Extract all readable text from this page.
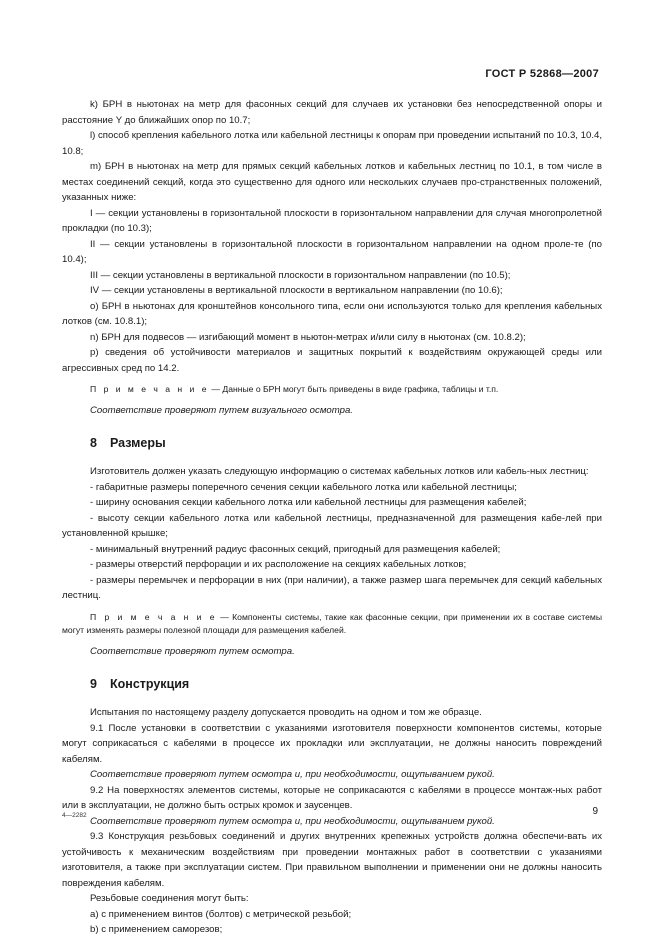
ГОСТ Р 52868—2007

k) БРН в ньютонах на метр для фасонных секций для случаев их установки без непосредственной опоры и расстояние Y до ближайших опор по 10.7;

l) способ крепления кабельного лотка или кабельной лестницы к опорам при проведении испытаний по 10.3, 10.4, 10.8;

m) БРН в ньютонах на метр для прямых секций кабельных лотков и кабельных лестниц по 10.1, в том числе в местах соединений секций, когда это существенно для одного или нескольких случаев про-странственных положений, указанных ниже:

I — секции установлены в горизонтальной плоскости в горизонтальном направлении для случая многопролетной прокладки (по 10.3);

II — секции установлены в горизонтальной плоскости в горизонтальном направлении на одном проле-те (по 10.4);

III — секции установлены в вертикальной плоскости в горизонтальном направлении (по 10.5);

IV — секции установлены в вертикальной плоскости в вертикальном направлении (по 10.6);

о) БРН в ньютонах для кронштейнов консольного типа, если они используются только для крепления кабельных лотков (см. 10.8.1);

n) БРН для подвесов — изгибающий момент в ньютон-метрах и/или силу в ньютонах (см. 10.8.2);

р) сведения об устойчивости материалов и защитных покрытий к воздействиям окружающей среды или агрессивных сред по 14.2.

П р и м е ч а н и е — Данные о БРН могут быть приведены в виде графика, таблицы и т.п.

Соответствие проверяют путем визуального осмотра.

8 Размеры

Изготовитель должен указать следующую информацию о системах кабельных лотков или кабель-ных лестниц:

- габаритные размеры поперечного сечения секции кабельного лотка или кабельной лестницы;

- ширину основания секции кабельного лотка или кабельной лестницы для размещения кабелей;

- высоту секции кабельного лотка или кабельной лестницы, предназначенной для размещения кабе-лей при установленной крышке;

- минимальный внутренний радиус фасонных секций, пригодный для размещения кабелей;

- размеры отверстий перфорации и их расположение на секциях кабельных лотков;

- размеры перемычек и перфорации в них (при наличии), а также размер шага перемычек для секций кабельных лестниц.

П р и м е ч а н и е — Компоненты системы, такие как фасонные секции, при применении их в составе системы могут изменять размеры полезной площади для размещения кабелей.

Соответствие проверяют путем осмотра.

9 Конструкция

Испытания по настоящему разделу допускается проводить на одном и том же образце.

9.1 После установки в соответствии с указаниями изготовителя поверхности компонентов системы, которые могут соприкасаться с кабелями в процессе их прокладки или эксплуатации, не должны наносить повреждений кабелям.

Соответствие проверяют путем осмотра и, при необходимости, ощупыванием рукой.

9.2 На поверхностях элементов системы, которые не соприкасаются с кабелями в процессе монтаж-ных работ или в эксплуатации, не должно быть острых кромок и заусенцев.

Соответствие проверяют путем осмотра и, при необходимости, ощупыванием рукой.

9.3 Конструкция резьбовых соединений и других внутренних крепежных устройств должна обеспечи-вать их устойчивость к механическим воздействиям при проведении монтажных работ в соответствии с указаниями изготовителя, а также при эксплуатации систем. При правильном выполнении и применении они не должны наносить повреждения кабелям.

Резьбовые соединения могут быть:

а) с применением винтов (болтов) с метрической резьбой;

b) с применением саморезов;

4—2282	9
